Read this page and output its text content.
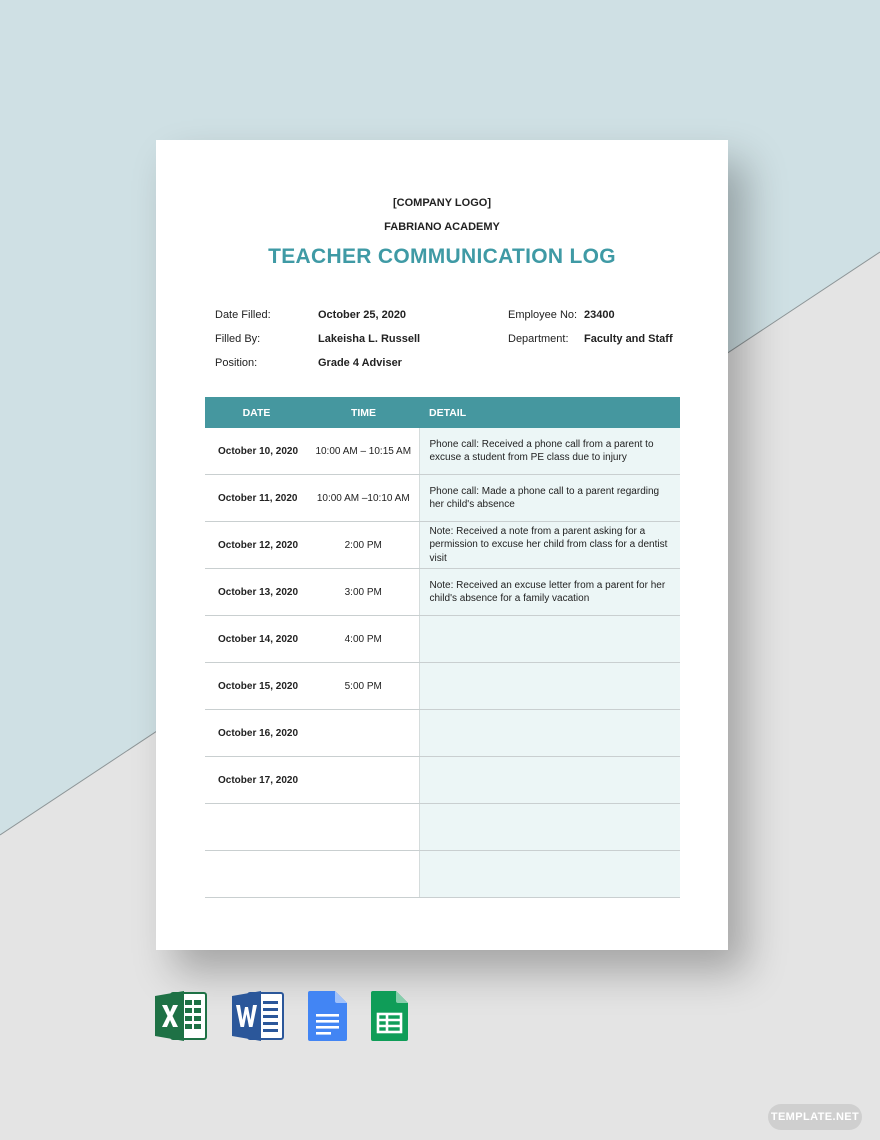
[COMPANY LOGO]
FABRIANO ACADEMY
TEACHER COMMUNICATION LOG
Date Filled:	October 25, 2020
Filled By:	Lakeisha L. Russell
Position:	Grade 4 Adviser
Employee No: 23400
Department: Faculty and Staff
DATE	TIME	DETAIL
October 10, 2020	10:00 AM – 10:15 AM	Phone call: Received a phone call from a parent to excuse a student from PE class due to injury
October 11, 2020	10:00 AM –10:10 AM	Phone call: Made a phone call to a parent regarding her child's absence
October 12, 2020	2:00 PM	Note: Received a note from a parent asking for a permission to excuse her child from class for a dentist visit
October 13, 2020	3:00 PM	Note: Received an excuse letter from a parent for her child's absence for a family vacation
October 14, 2020	4:00 PM	
October 15, 2020	5:00 PM	
October 16, 2020		
October 17, 2020		

TEMPLATE.NET
